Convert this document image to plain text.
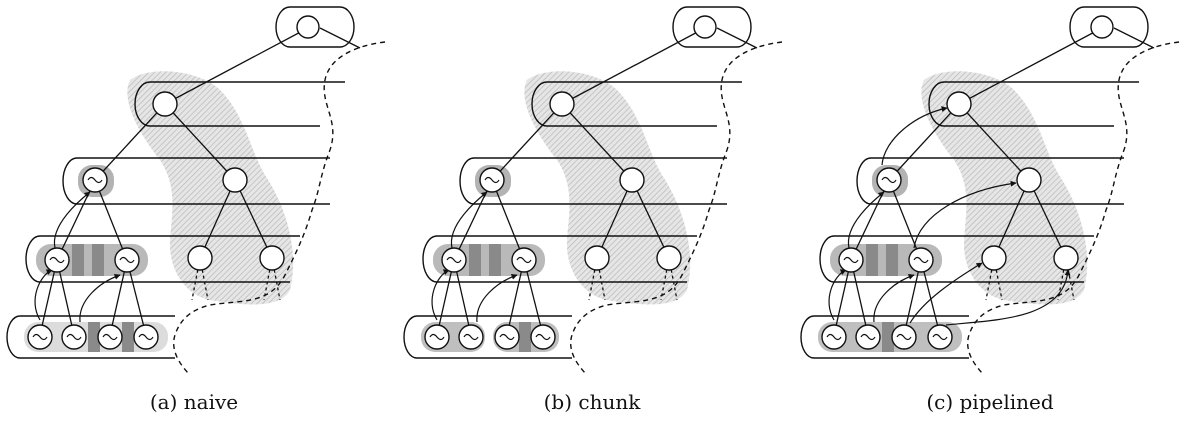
(a) naive	(b) chunk	(c) pipelined
